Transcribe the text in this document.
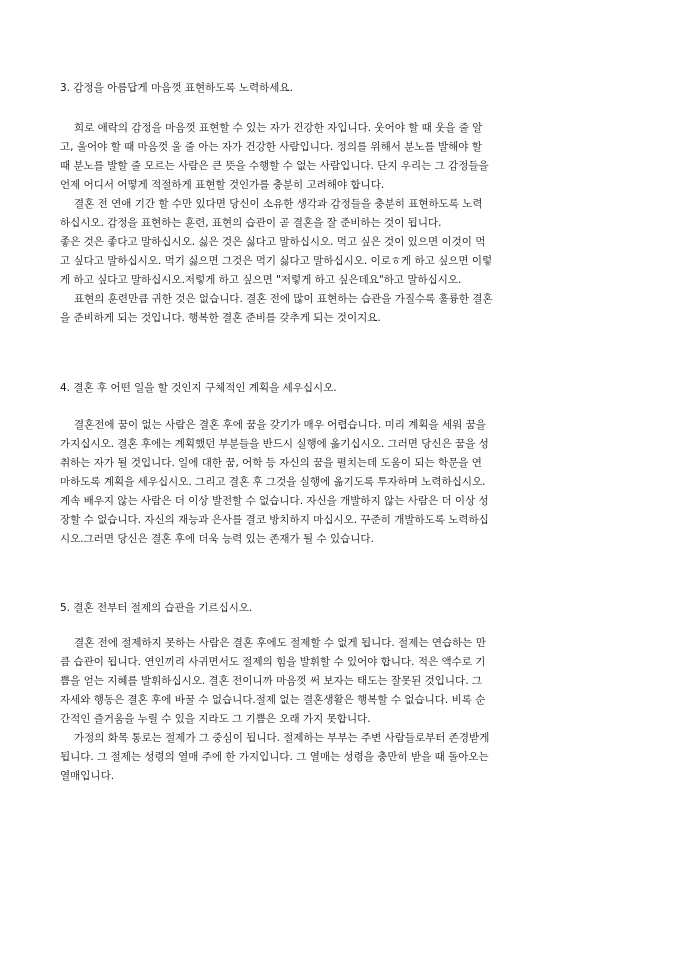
3. 감정을 아름답게 마음껏 표현하도록 노력하세요.
희로 애락의 감정을 마음껏 표현할 수 있는 자가 건강한 자입니다. 웃어야 할 때 웃을 줄 알
고, 울어야 할 때 마음껏 울 줄 아는 자가 건강한 사람입니다. 정의를 위해서 분노를 발해야 할
때 분노를 발할 줄 모르는 사람은 큰 뜻을 수행할 수 없는 사람입니다. 단지 우리는 그 감정들을
언제 어디서 어떻게 적절하게 표현할 것인가를 충분히 고려해야 합니다.
결혼 전 연애 기간 할 수만 있다면 당신이 소유한 생각과 감정들을 충분히 표현하도록 노력
하십시오. 감정을 표현하는 훈련, 표현의 습관이 곧 결혼을 잘 준비하는 것이 됩니다.
좋은 것은 좋다고 말하십시오. 싫은 것은 싫다고 말하십시오. 먹고 싶은 것이 있으면 이것이 먹
고 싶다고 말하십시오. 먹기 싫으면 그것은 먹기 싫다고 말하십시오. 이로ㅎ게 하고 싶으면 이렇
게 하고 싶다고 말하십시오.저렇게 하고 싶으면 "저렇게 하고 싶은데요"하고 말하십시오.
표현의 훈련만큼 귀한 것은 없습니다. 결혼 전에 많이 표현하는 습관을 가질수록 훌륭한 결혼
을 준비하게 되는 것입니다. 행복한 결혼 준비를 갖추게 되는 것이지요.
4. 결혼 후 어떤 일을 할 것인지 구체적인 계획을 세우십시오.
결혼전에 꿈이 없는 사람은 결혼 후에 꿈을 갖기가 매우 어렵습니다. 미리 계획을 세워 꿈을
가지십시오. 결혼 후에는 계획했던 부분들을 반드시 실행에 옮기십시오. 그러면 당신은 꿈을 성
취하는 자가 될 것입니다. 일에 대한 꿈, 어학 등 자신의 꿈을 펼치는데 도움이 되는 학문을 연
마하도록 계획을 세우십시오. 그리고 결혼 후 그것을 실행에 옮기도록 투자하며 노력하십시오.
계속 배우지 않는 사람은 더 이상 발전할 수 없습니다. 자신을 개발하지 않는 사람은 더 이상 성
장할 수 없습니다. 자신의 재능과 은사를 결코 방치하지 마십시오. 꾸준히 개발하도록 노력하십
시오.그러면 당신은 결혼 후에 더욱 능력 있는 존재가 될 수 있습니다.
5. 결혼 전부터 절제의 습관을 기르십시오.
결혼 전에 절제하지 못하는 사람은 결혼 후에도 절제할 수 없게 됩니다. 절제는 연습하는 만
큼 습관이 됩니다. 연인끼리 사귀면서도 절제의 힘을 발휘할 수 있어야 합니다. 적은 액수로 기
쁨을 얻는 지혜를 발휘하십시오. 결혼 전이니까 마음껏 써 보자는 태도는 잘못된 것입니다. 그
자세와 행동은 결혼 후에 바꿀 수 없습니다.절제 없는 결혼생활은 행복할 수 없습니다. 비록 순
간적인 즐거움을 누릴 수 있을 지라도 그 기쁨은 오래 가지 못합니다.
가정의 화목 통로는 절제가 그 중심이 됩니다. 절제하는 부부는 주변 사람들로부터 존경받게
됩니다. 그 절제는 성령의 열매 주에 한 가지입니다. 그 열매는 성령을 충만히 받을 때 돌아오는
열매입니다.
